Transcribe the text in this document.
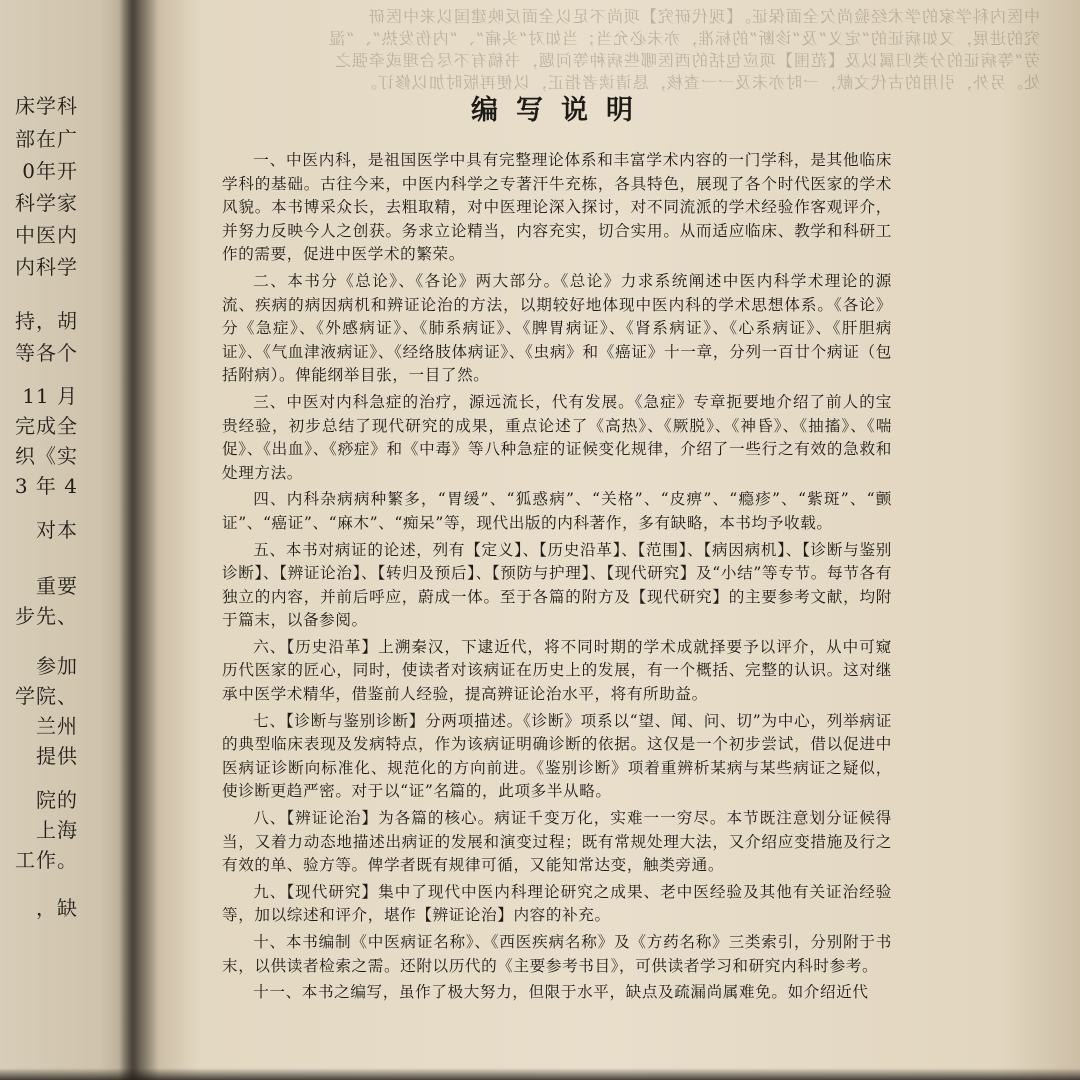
床学科
部在广
0年开
科学家
中医内
内科学
持，胡
等各个
11 月
完成全
织《实
3 年 4
对本
重要
步先、
参加
学院、
兰州
提供
院的
上海
工作。
，缺
中医内科学家的学术经验尚欠全面保证。【现代研究】项尚不足以全面反映建国以来中医研
究的进展，又如病证的“定义”及“诊断”的标准，亦未必允当；当如对“头痛”、“内伤发热”、“湿
劳”等病证的分类归属以及【范围】项应包括的西医哪些病种等问题，书稿有不尽合理或牵强之
处。另外，引用的古代文献，一时亦未及一一查核，恳请读者指正，以便再版时加以修订。
编写说明

一、中医内科，是祖国医学中具有完整理论体系和丰富学术内容的一门学科，是其他临床学科的基础。古往今来，中医内科学之专著汗牛充栋，各具特色，展现了各个时代医家的学术风貌。本书博采众长，去粗取精，对中医理论深入探讨，对不同流派的学术经验作客观评介，并努力反映今人之创获。务求立论精当，内容充实，切合实用。从而适应临床、教学和科研工作的需要，促进中医学术的繁荣。

二、本书分《总论》、《各论》两大部分。《总论》力求系统阐述中医内科学术理论的源流、疾病的病因病机和辨证论治的方法，以期较好地体现中医内科的学术思想体系。《各论》分《急症》、《外感病证》、《肺系病证》、《脾胃病证》、《肾系病证》、《心系病证》、《肝胆病证》、《气血津液病证》、《经络肢体病证》、《虫病》和《癌证》十一章，分列一百廿个病证（包括附病）。俾能纲举目张，一目了然。

三、中医对内科急症的治疗，源远流长，代有发展。《急症》专章扼要地介绍了前人的宝贵经验，初步总结了现代研究的成果，重点论述了《高热》、《厥脱》、《神昏》、《抽搐》、《喘促》、《出血》、《痧症》和《中毒》等八种急症的证候变化规律，介绍了一些行之有效的急救和处理方法。

四、内科杂病病种繁多，“胃缓”、“狐惑病”、“关格”、“皮痹”、“瘾疹”、“紫斑”、“颤证”、“癌证”、“麻木”、“痴呆”等，现代出版的内科著作，多有缺略，本书均予收载。

五、本书对病证的论述，列有【定义】、【历史沿革】、【范围】、【病因病机】、【诊断与鉴别诊断】、【辨证论治】、【转归及预后】、【预防与护理】、【现代研究】及“小结”等专节。每节各有独立的内容，并前后呼应，蔚成一体。至于各篇的附方及【现代研究】的主要参考文献，均附于篇末，以备参阅。

六、【历史沿革】上溯秦汉，下逮近代，将不同时期的学术成就择要予以评介，从中可窥历代医家的匠心，同时，使读者对该病证在历史上的发展，有一个概括、完整的认识。这对继承中医学术精华，借鉴前人经验，提高辨证论治水平，将有所助益。

七、【诊断与鉴别诊断】分两项描述。《诊断》项系以“望、闻、问、切”为中心，列举病证的典型临床表现及发病特点，作为该病证明确诊断的依据。这仅是一个初步尝试，借以促进中医病证诊断向标准化、规范化的方向前进。《鉴别诊断》项着重辨析某病与某些病证之疑似，使诊断更趋严密。对于以“证”名篇的，此项多半从略。

八、【辨证论治】为各篇的核心。病证千变万化，实难一一穷尽。本节既注意划分证候得当，又着力动态地描述出病证的发展和演变过程；既有常规处理大法，又介绍应变措施及行之有效的单、验方等。俾学者既有规律可循，又能知常达变，触类旁通。

九、【现代研究】集中了现代中医内科理论研究之成果、老中医经验及其他有关证治经验等，加以综述和评介，堪作【辨证论治】内容的补充。

十、本书编制《中医病证名称》、《西医疾病名称》及《方药名称》三类索引，分别附于书末，以供读者检索之需。还附以历代的《主要参考书目》，可供读者学习和研究内科时参考。

十一、本书之编写，虽作了极大努力，但限于水平，缺点及疏漏尚属难免。如介绍近代
